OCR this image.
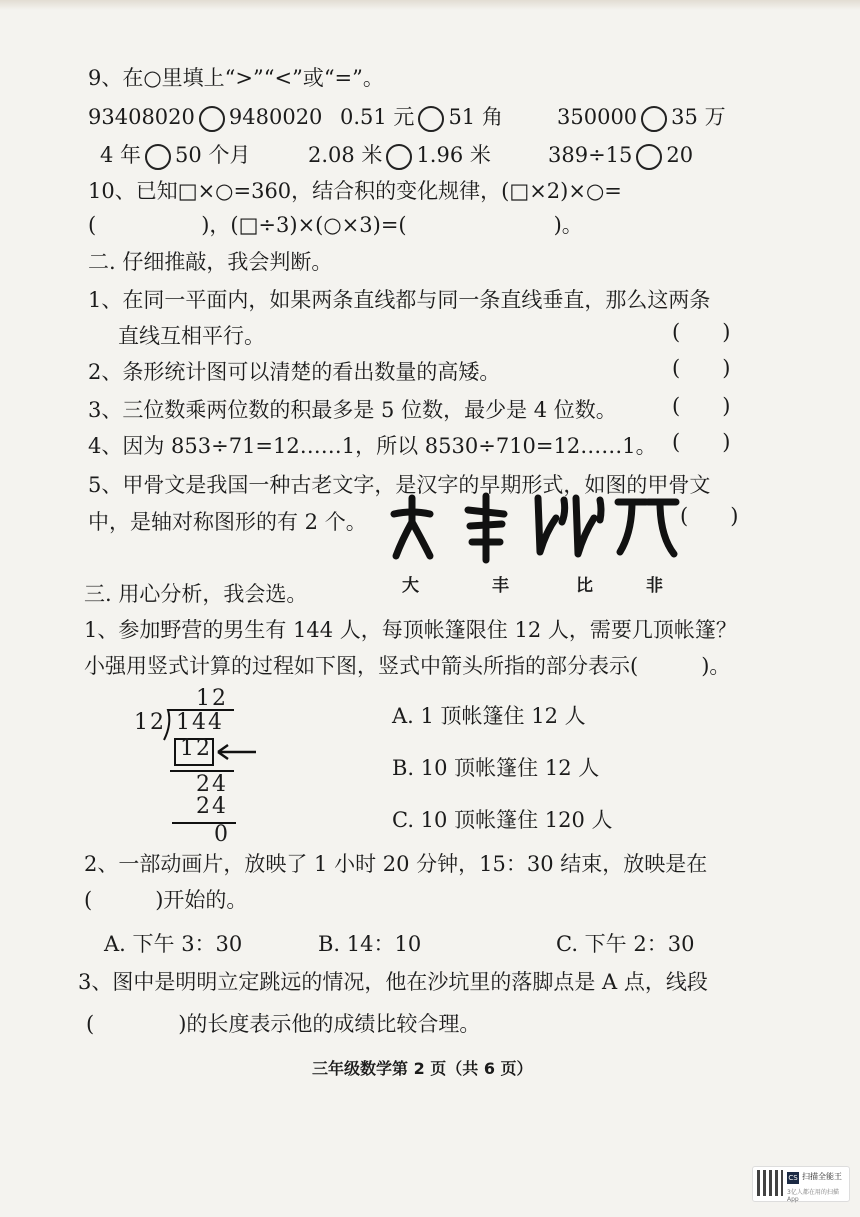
9、在○里填上“>”“<”或“=”。
93408020 9480020 0.51 元 51 角	350000 35 万
4 年 50 个月	2.08 米 1.96 米	389÷15 20
10、已知□×○=360，结合积的变化规律，(□×2)×○=
(　　　　　)，(□÷3)×(○×3)=(　　　　　　　)。
二. 仔细推敲，我会判断。
1、在同一平面内，如果两条直线都与同一条直线垂直，那么这两条
直线互相平行。	(　　)
2、条形统计图可以清楚的看出数量的高矮。	(　　)
3、三位数乘两位数的积最多是 5 位数，最少是 4 位数。	(　　)
4、因为 853÷71=12……1，所以 8530÷710=12……1。 (　　)
5、甲骨文是我国一种古老文字，是汉字的早期形式，如图的甲骨文
中，是轴对称图形的有 2 个。	(　　)
大	丰	比	非
三. 用心分析，我会选。
1、参加野营的男生有 144 人，每顶帐篷限住 12 人，需要几顶帐篷？
小强用竖式计算的过程如下图，竖式中箭头所指的部分表示(　　　)。
12
12 144
12
24
24
0
A. 1 顶帐篷住 12 人
B. 10 顶帐篷住 12 人
C. 10 顶帐篷住 120 人
2、一部动画片，放映了 1 小时 20 分钟，15：30 结束，放映是在
(　　　)开始的。
A. 下午 3：30	B. 14：10	C. 下午 2：30
3、图中是明明立定跳远的情况，他在沙坑里的落脚点是 A 点，线段
(　　　　)的长度表示他的成绩比较合理。
三年级数学第 2 页（共 6 页）
CS 扫描全能王
3亿人都在用的扫描App
